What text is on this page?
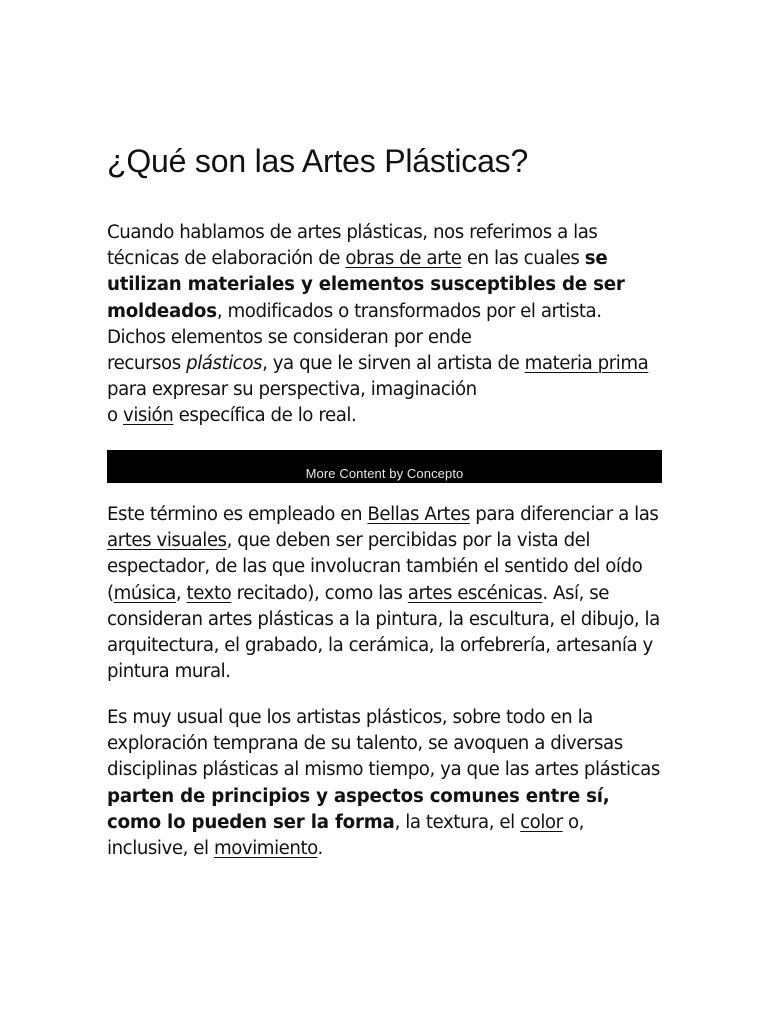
¿Qué son las Artes Plásticas?

Cuando hablamos de artes plásticas, nos referimos a las técnicas de elaboración de obras de arte en las cuales se utilizan materiales y elementos susceptibles de ser moldeados, modificados o transformados por el artista. Dichos elementos se consideran por ende
recursos plásticos, ya que le sirven al artista de materia prima para expresar su perspectiva, imaginación
o visión específica de lo real.

More Content by Concepto

Este término es empleado en Bellas Artes para diferenciar a las artes visuales, que deben ser percibidas por la vista del espectador, de las que involucran también el sentido del oído (música, texto recitado), como las artes escénicas. Así, se consideran artes plásticas a la pintura, la escultura, el dibujo, la arquitectura, el grabado, la cerámica, la orfebrería, artesanía y pintura mural.

Es muy usual que los artistas plásticos, sobre todo en la exploración temprana de su talento, se avoquen a diversas disciplinas plásticas al mismo tiempo, ya que las artes plásticas parten de principios y aspectos comunes entre sí, como lo pueden ser la forma, la textura, el color o, inclusive, el movimiento.
